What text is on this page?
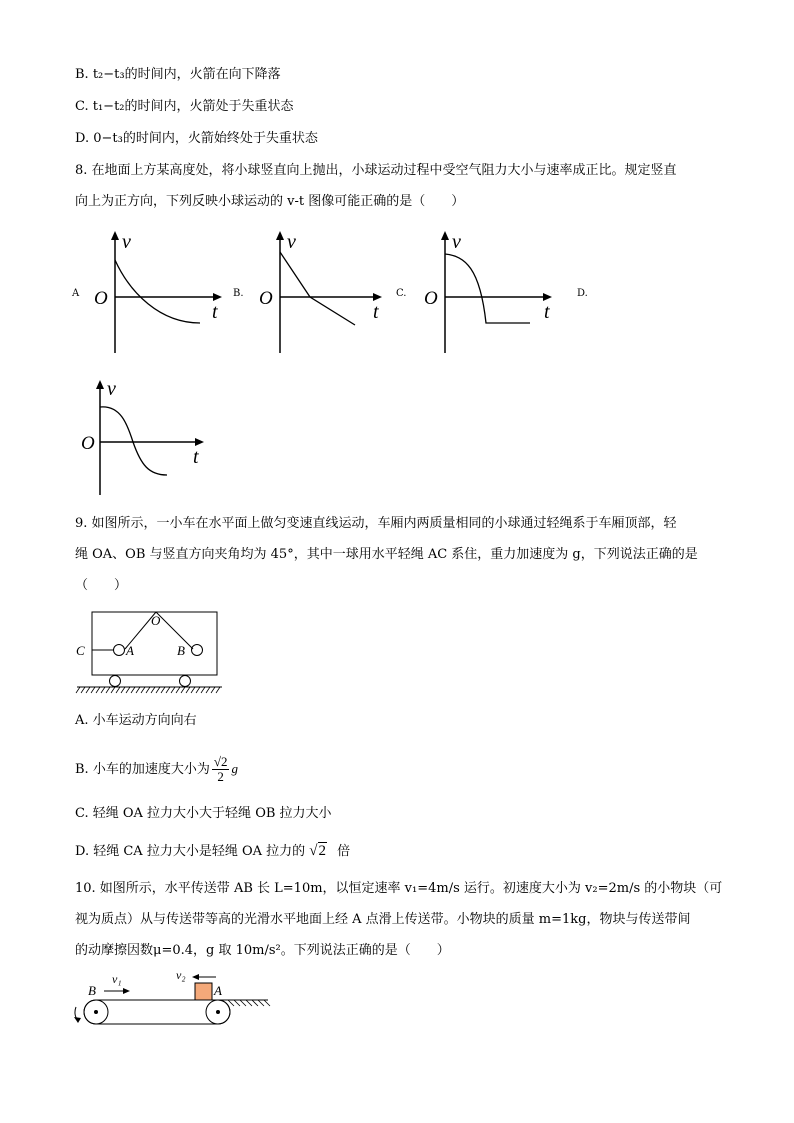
B. t₂−t₃的时间内，火箭在向下降落
C. t₁−t₂的时间内，火箭处于失重状态
D. 0−t₃的时间内，火箭始终处于失重状态
8. 在地面上方某高度处，将小球竖直向上抛出，小球运动过程中受空气阻力大小与速率成正比。规定竖直
向上为正方向，下列反映小球运动的 v-t 图像可能正确的是（　　）
A
v
O
t
B.
v
O
t
C.
v
O
t
D.
v
O
t
9. 如图所示，一小车在水平面上做匀变速直线运动，车厢内两质量相同的小球通过轻绳系于车厢顶部，轻
绳 OA、OB 与竖直方向夹角均为 45°，其中一球用水平轻绳 AC 系住，重力加速度为 g，下列说法正确的是
（　　）
O
A	B
C
A. 小车运动方向向右
B. 小车的加速度大小为 $\frac{√2}{2}$ g
C. 轻绳 OA 拉力大小大于轻绳 OB 拉力大小
D. 轻绳 CA 拉力大小是轻绳 OA 拉力的 √2 倍
10. 如图所示，水平传送带 AB 长 L=10m，以恒定速率 v₁=4m/s 运行。初速度大小为 v₂=2m/s 的小物块（可
视为质点）从与传送带等高的光滑水平地面上经 A 点滑上传送带。小物块的质量 m=1kg，物块与传送带间
的动摩擦因数μ=0.4，g 取 10m/s²。下列说法正确的是（　　）
B	A
v₁	v₂
